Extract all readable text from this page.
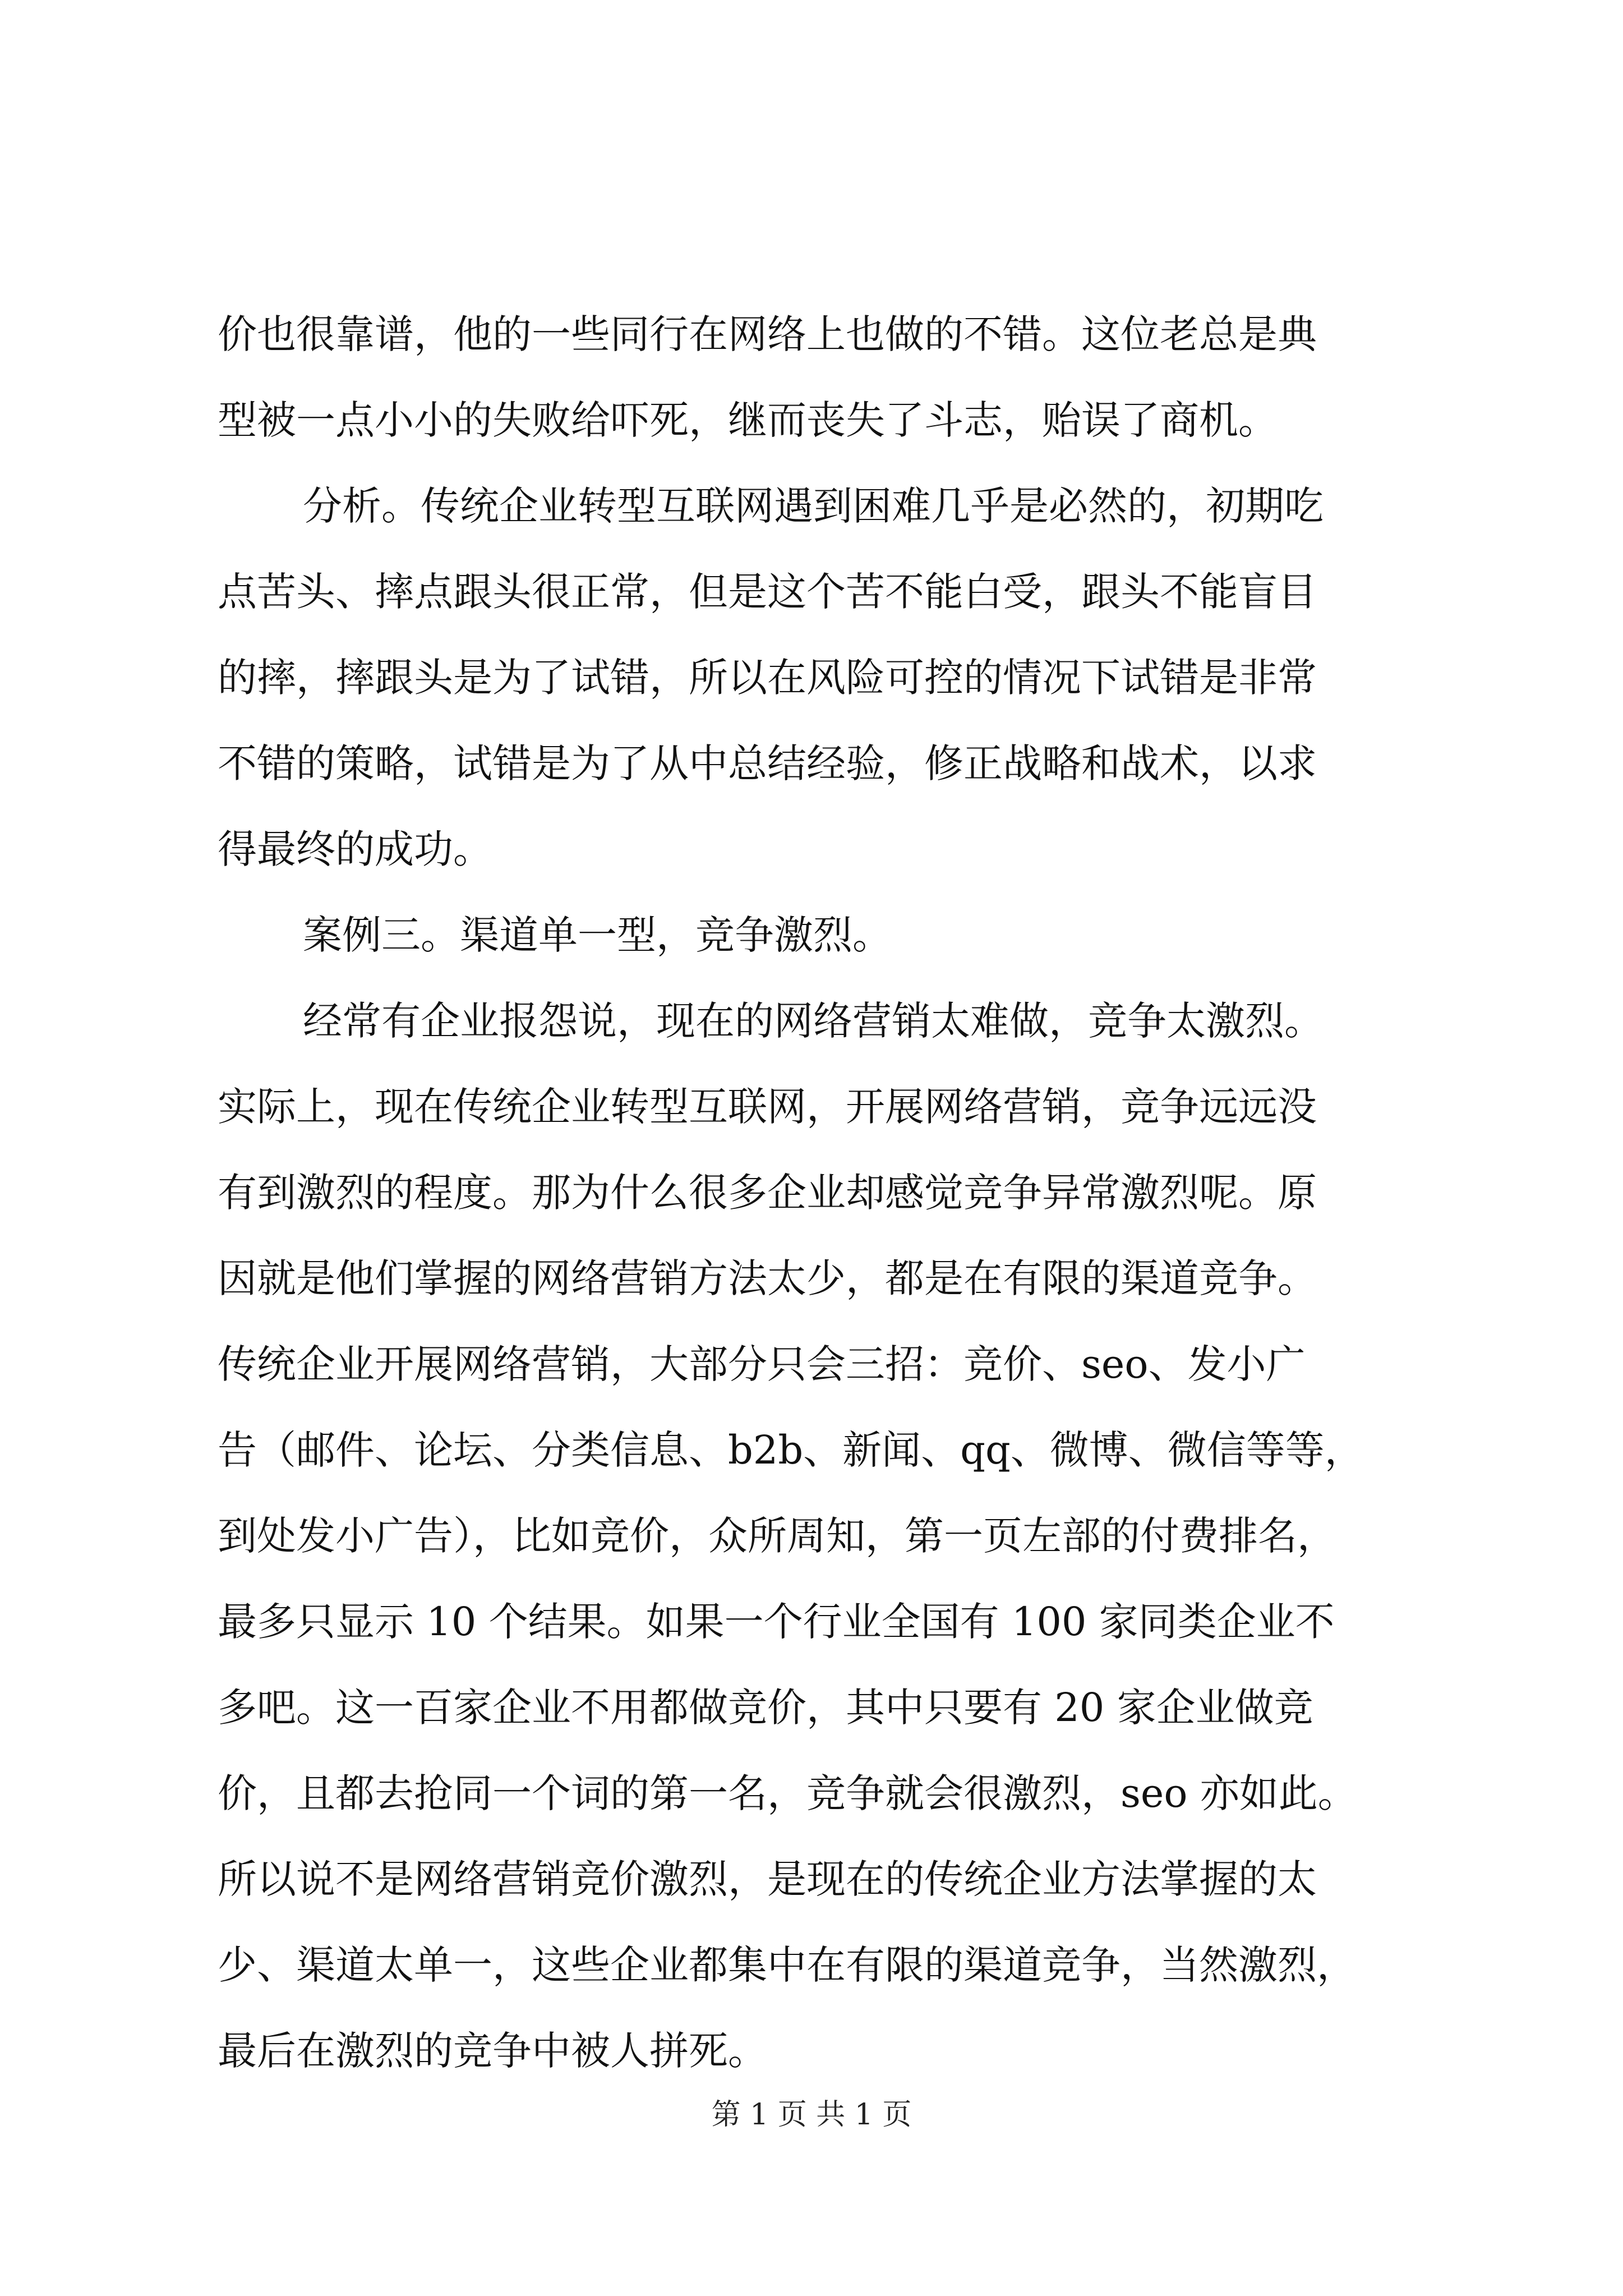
价也很靠谱，他的一些同行在网络上也做的不错。这位老总是典
型被一点小小的失败给吓死，继而丧失了斗志，贻误了商机。
分析。传统企业转型互联网遇到困难几乎是必然的，初期吃
点苦头、摔点跟头很正常，但是这个苦不能白受，跟头不能盲目
的摔，摔跟头是为了试错，所以在风险可控的情况下试错是非常
不错的策略，试错是为了从中总结经验，修正战略和战术，以求
得最终的成功。
案例三。渠道单一型，竞争激烈。
经常有企业报怨说，现在的网络营销太难做，竞争太激烈。
实际上，现在传统企业转型互联网，开展网络营销，竞争远远没
有到激烈的程度。那为什么很多企业却感觉竞争异常激烈呢。原
因就是他们掌握的网络营销方法太少，都是在有限的渠道竞争。
传统企业开展网络营销，大部分只会三招：竞价、seo、发小广
告（邮件、论坛、分类信息、b2b、新闻、qq、微博、微信等等，
到处发小广告），比如竞价，众所周知，第一页左部的付费排名，
最多只显示 10 个结果。如果一个行业全国有 100 家同类企业不
多吧。这一百家企业不用都做竞价，其中只要有 20 家企业做竞
价，且都去抢同一个词的第一名，竞争就会很激烈，seo 亦如此。
所以说不是网络营销竞价激烈，是现在的传统企业方法掌握的太
少、渠道太单一，这些企业都集中在有限的渠道竞争，当然激烈，
最后在激烈的竞争中被人拼死。
第 1 页 共 1 页
